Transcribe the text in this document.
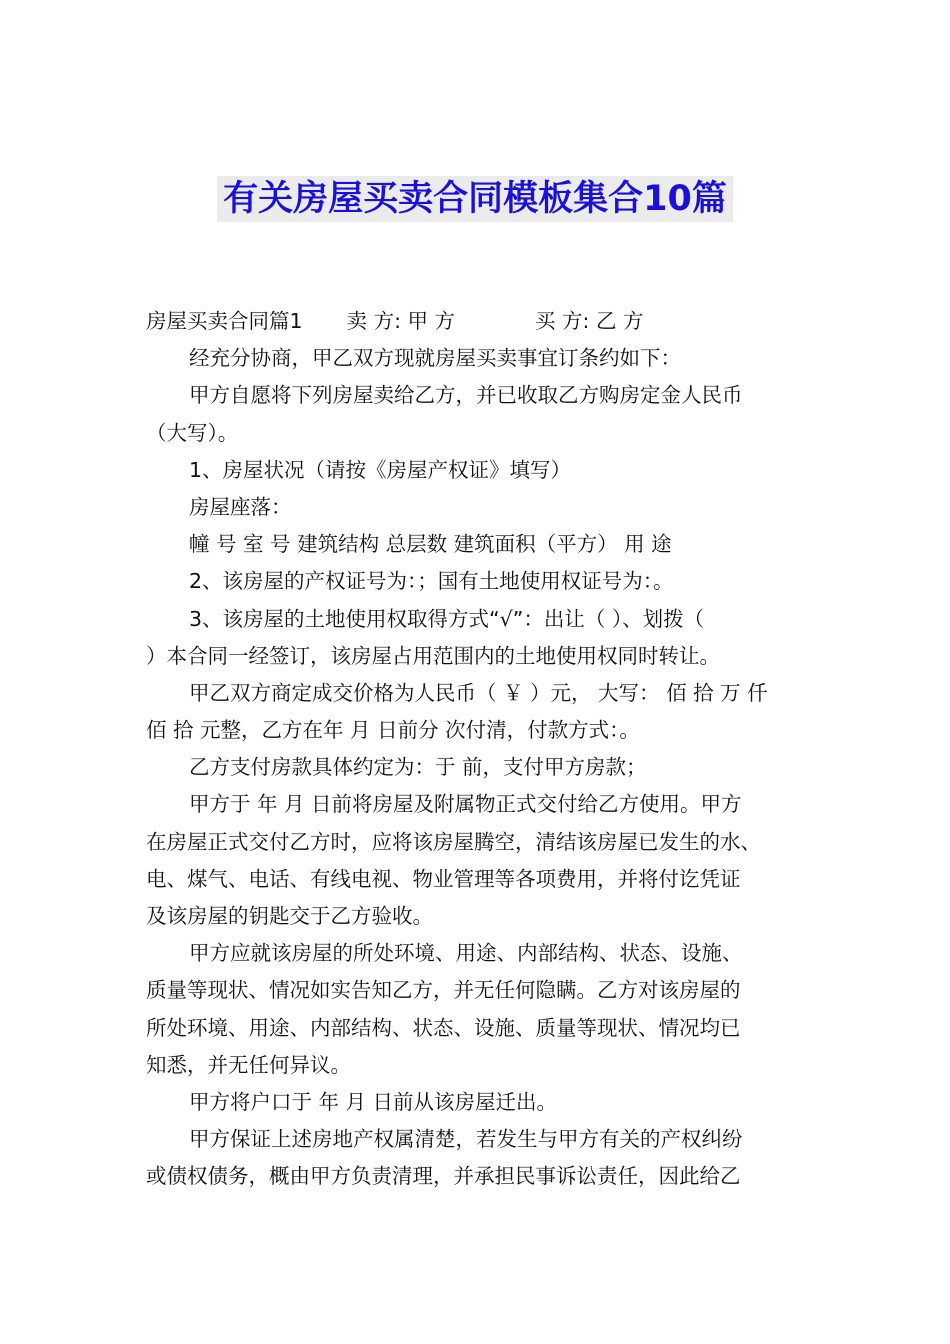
有关房屋买卖合同模板集合10篇
房屋买卖合同篇1 卖 方: 甲 方	买 方: 乙 方
经充分协商，甲乙双方现就房屋买卖事宜订条约如下：
甲方自愿将下列房屋卖给乙方，并已收取乙方购房定金人民币
（大写）。
1、房屋状况（请按《房屋产权证》填写）
房屋座落：
幢 号 室 号 建筑结构 总层数 建筑面积（平方） 用 途
2、该房屋的产权证号为：；国有土地使用权证号为：。
3、该房屋的土地使用权取得方式“√”：出让（ ）、划拨（
）本合同一经签订，该房屋占用范围内的土地使用权同时转让。
甲乙双方商定成交价格为人民币（ ￥ ）元， 大写： 佰 拾 万 仟
佰 拾 元整，乙方在年 月 日前分 次付清，付款方式：。
乙方支付房款具体约定为：于 前，支付甲方房款；
甲方于 年 月 日前将房屋及附属物正式交付给乙方使用。甲方
在房屋正式交付乙方时，应将该房屋腾空，清结该房屋已发生的水、
电、煤气、电话、有线电视、物业管理等各项费用，并将付讫凭证
及该房屋的钥匙交于乙方验收。
甲方应就该房屋的所处环境、用途、内部结构、状态、设施、
质量等现状、情况如实告知乙方，并无任何隐瞒。乙方对该房屋的
所处环境、用途、内部结构、状态、设施、质量等现状、情况均已
知悉，并无任何异议。
甲方将户口于 年 月 日前从该房屋迁出。
甲方保证上述房地产权属清楚，若发生与甲方有关的产权纠纷
或债权债务，概由甲方负责清理，并承担民事诉讼责任，因此给乙
